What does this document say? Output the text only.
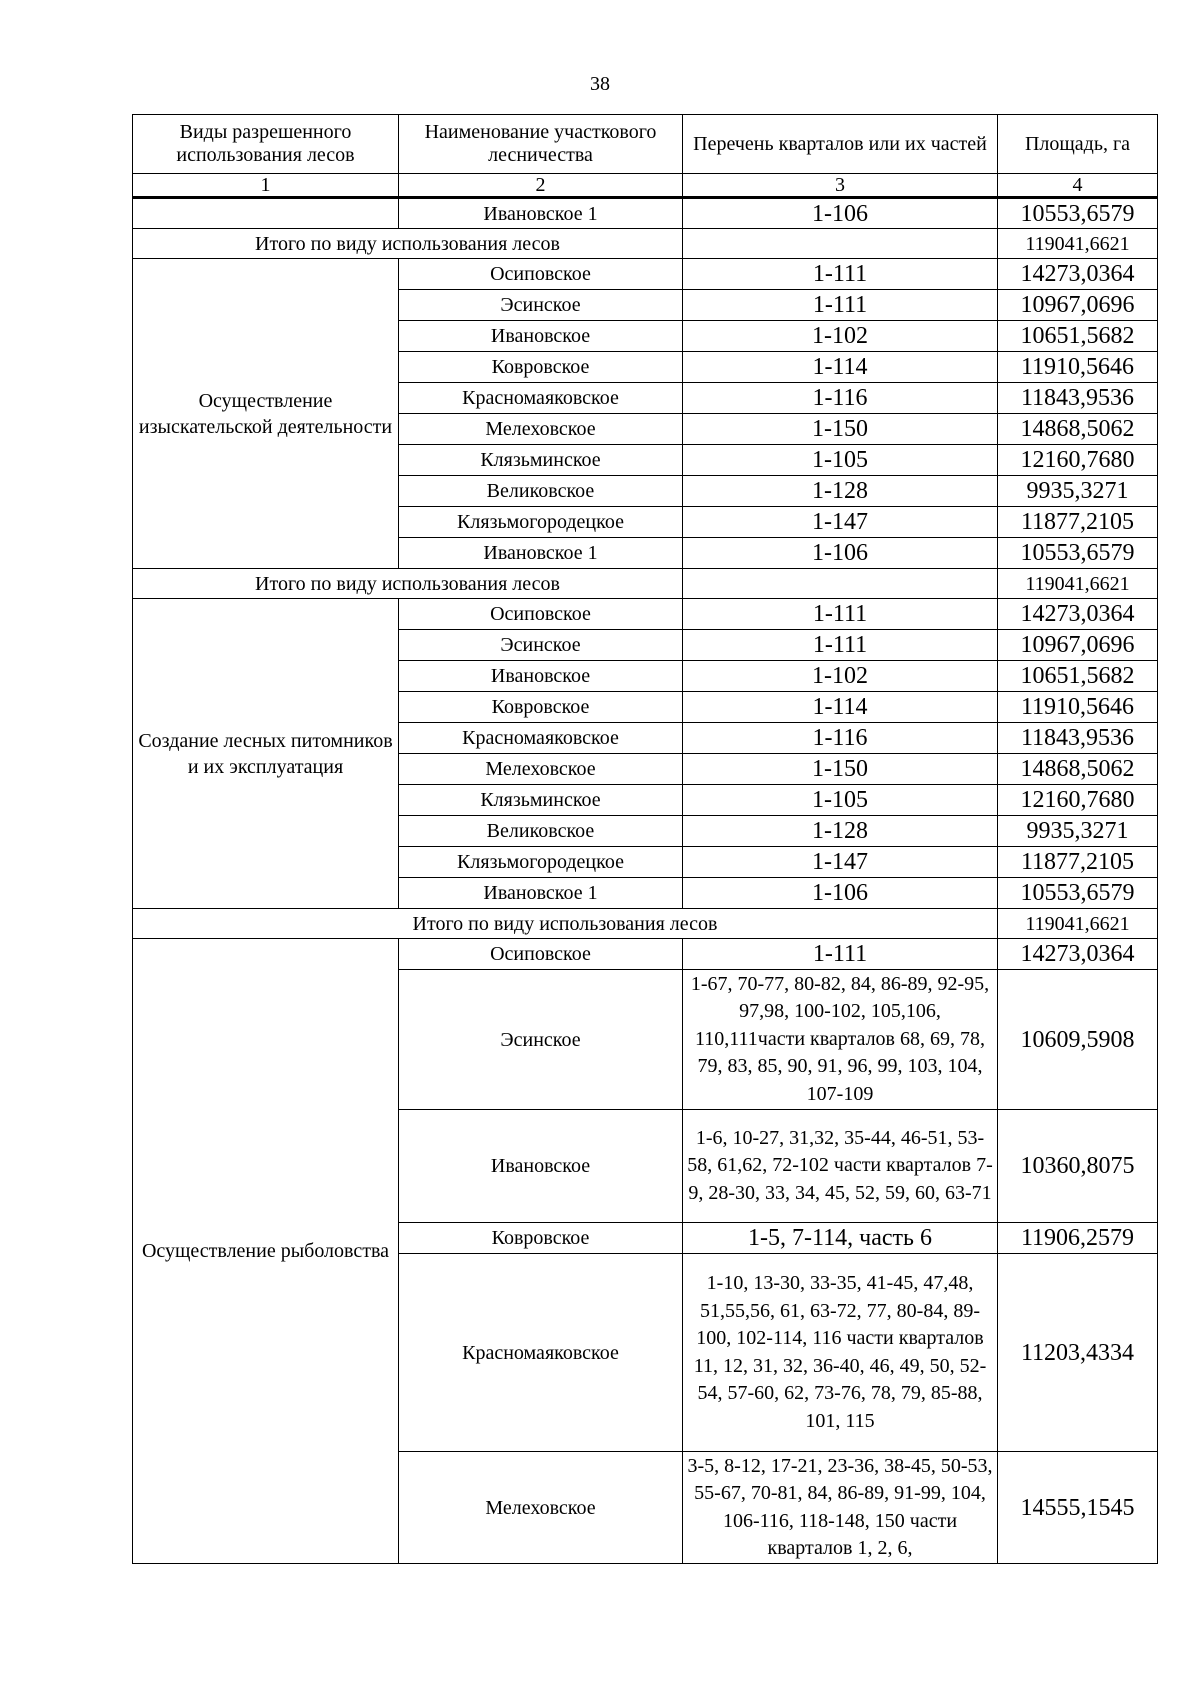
38
Виды разрешенного использования лесов	Наименование участкового лесничества	Перечень кварталов или их частей	Площадь, га
1	2	3	4
	Ивановское 1	1-106	10553,6579
Итого по виду использования лесов			119041,6621
Осуществление изыскательской деятельности	Осиповское	1-111	14273,0364
	Эсинское	1-111	10967,0696
	Ивановское	1-102	10651,5682
	Ковровское	1-114	11910,5646
	Красномаяковское	1-116	11843,9536
	Мелеховское	1-150	14868,5062
	Клязьминское	1-105	12160,7680
	Великовское	1-128	9935,3271
	Клязьмогородецкое	1-147	11877,2105
	Ивановское 1	1-106	10553,6579
Итого по виду использования лесов			119041,6621
Создание лесных питомников и их эксплуатация	Осиповское	1-111	14273,0364
	Эсинское	1-111	10967,0696
	Ивановское	1-102	10651,5682
	Ковровское	1-114	11910,5646
	Красномаяковское	1-116	11843,9536
	Мелеховское	1-150	14868,5062
	Клязьминское	1-105	12160,7680
	Великовское	1-128	9935,3271
	Клязьмогородецкое	1-147	11877,2105
	Ивановское 1	1-106	10553,6579
Итого по виду использования лесов			119041,6621
Осуществление рыболовства	Осиповское	1-111	14273,0364
	Эсинское	1-67, 70-77, 80-82, 84, 86-89, 92-95, 97,98, 100-102, 105,106, 110,111части кварталов 68, 69, 78, 79, 83, 85, 90, 91, 96, 99, 103, 104, 107-109	10609,5908
	Ивановское	1-6, 10-27, 31,32, 35-44, 46-51, 53-58, 61,62, 72-102 части кварталов 7-9, 28-30, 33, 34, 45, 52, 59, 60, 63-71	10360,8075
	Ковровское	1-5, 7-114, часть 6	11906,2579
	Красномаяковское	1-10, 13-30, 33-35, 41-45, 47,48, 51,55,56, 61, 63-72, 77, 80-84, 89-100, 102-114, 116 части кварталов 11, 12, 31, 32, 36-40, 46, 49, 50, 52-54, 57-60, 62, 73-76, 78, 79, 85-88, 101, 115	11203,4334
	Мелеховское	3-5, 8-12, 17-21, 23-36, 38-45, 50-53, 55-67, 70-81, 84, 86-89, 91-99, 104, 106-116, 118-148, 150 части кварталов 1, 2, 6,	14555,1545
